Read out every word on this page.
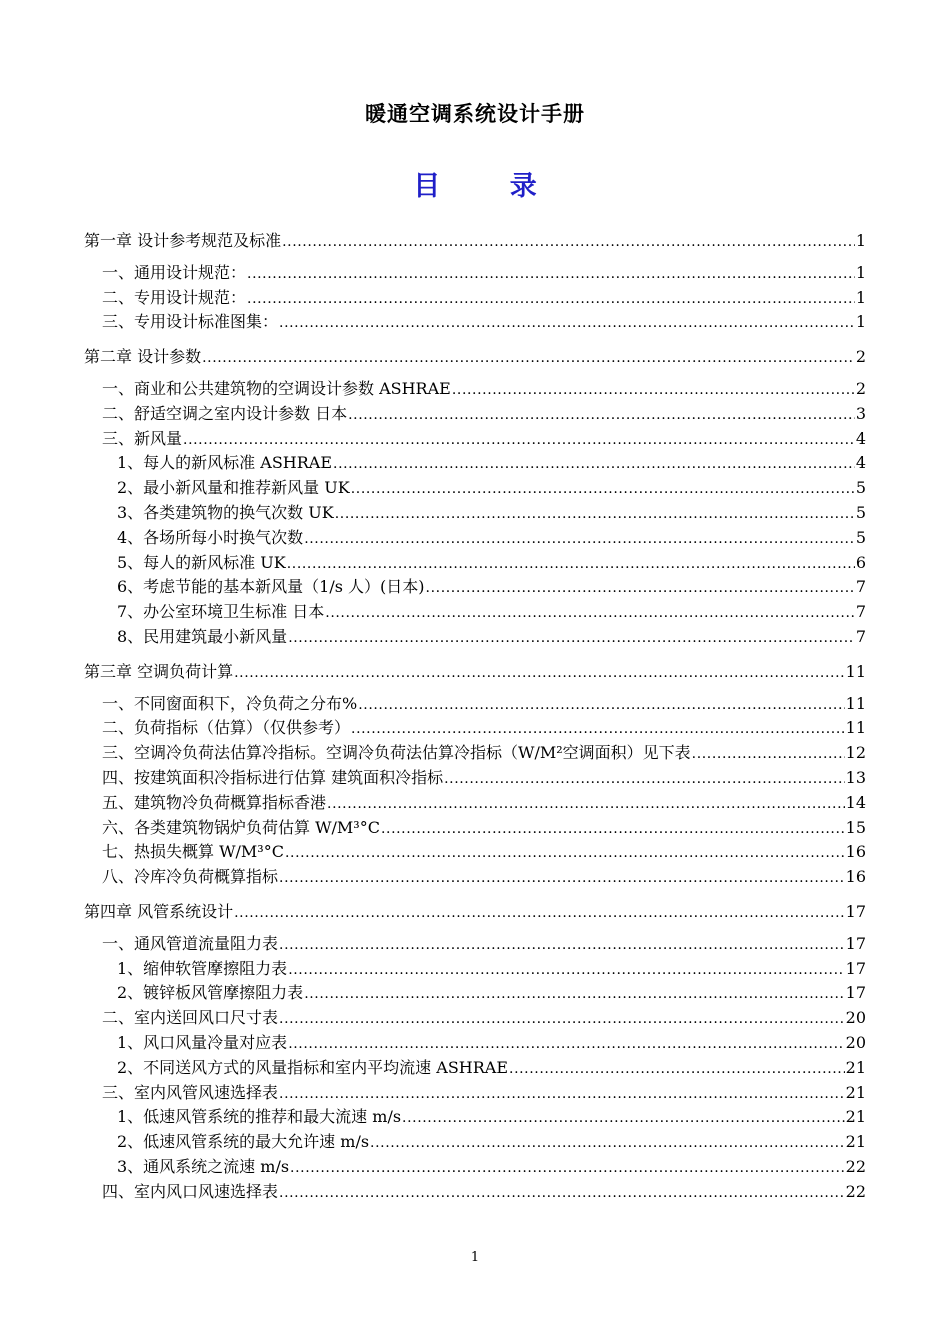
暖通空调系统设计手册
目 录
第一章 设计参考规范及标准 .....	1
一、通用设计规范： .....	1
二、专用设计规范： .....	1
三、专用设计标准图集： .....	1
第二章 设计参数 .....	2
一、商业和公共建筑物的空调设计参数 ASHRAE .....	2
二、舒适空调之室内设计参数 日本 .....	3
三、新风量 .....	4
1、每人的新风标准 ASHRAE .....	4
2、最小新风量和推荐新风量 UK .....	5
3、各类建筑物的换气次数 UK .....	5
4、各场所每小时换气次数 .....	5
5、每人的新风标准 UK .....	6
6、考虑节能的基本新风量（1/s 人）(日本) .....	7
7、办公室环境卫生标准 日本 .....	7
8、民用建筑最小新风量 .....	7
第三章 空调负荷计算 .....	11
一、不同窗面积下，冷负荷之分布% .....	11
二、负荷指标（估算）（仅供参考） .....	11
三、空调冷负荷法估算冷指标。空调冷负荷法估算冷指标（W/M²空调面积）见下表 .....	12
四、按建筑面积冷指标进行估算 建筑面积冷指标 .....	13
五、建筑物冷负荷概算指标香港 .....	14
六、各类建筑物锅炉负荷估算 W/M³°C .....	15
七、热损失概算 W/M³°C .....	16
八、冷库冷负荷概算指标 .....	16
第四章 风管系统设计 .....	17
一、通风管道流量阻力表 .....	17
1、缩伸软管摩擦阻力表 .....	17
2、镀锌板风管摩擦阻力表 .....	17
二、室内送回风口尺寸表 .....	20
1、风口风量冷量对应表 .....	20
2、不同送风方式的风量指标和室内平均流速 ASHRAE .....	21
三、室内风管风速选择表 .....	21
1、低速风管系统的推荐和最大流速 m/s .....	21
2、低速风管系统的最大允许速 m/s .....	21
3、通风系统之流速 m/s .....	22
四、室内风口风速选择表 .....	22
1
